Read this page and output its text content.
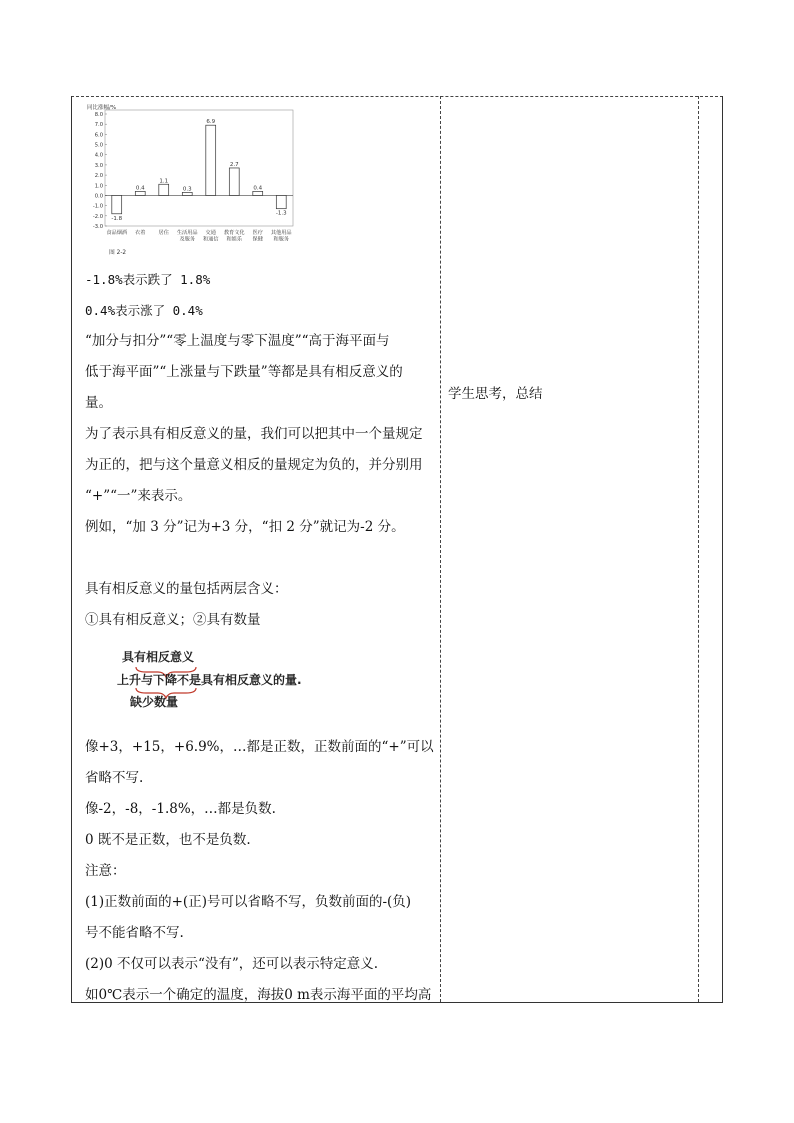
同比涨幅/%
8.0
7.0
6.0
5.0
4.0
3.0
2.0
1.0
0.0
-1.0
-2.0
-3.0
-1.8
食品烟酒
0.4
衣着
1.1
居住
0.3
生活用品
及服务
6.9
交通
和通信
2.7
教育文化
和娱乐
0.4
医疗
保健
-1.3
其他用品
和服务
图 2-2

-1.8%表示跌了 1.8%

0.4%表示涨了 0.4%

“加分与扣分”“零上温度与零下温度”“高于海平面与

低于海平面”“上涨量与下跌量”等都是具有相反意义的

量。

为了表示具有相反意义的量，我们可以把其中一个量规定

为正的，把与这个量意义相反的量规定为负的，并分别用

“+”“一”来表示。

例如，“加 3 分”记为+3 分，“扣 2 分”就记为-2 分。

具有相反意义的量包括两层含义：

①具有相反意义；②具有数量

像+3，+15，+6.9%，…都是正数，正数前面的“+”可以

省略不写.

像-2，-8，-1.8%，…都是负数.

0 既不是正数，也不是负数.

注意：

(1)正数前面的+(正)号可以省略不写，负数前面的-(负)

号不能省略不写.

(2)0 不仅可以表示“没有”，还可以表示特定意义.

如0℃表示一个确定的温度，海拔0 m表示海平面的平均高

具有相反意义
上升与下降不是具有相反意义的量.
缺少数量
学生思考，总结
